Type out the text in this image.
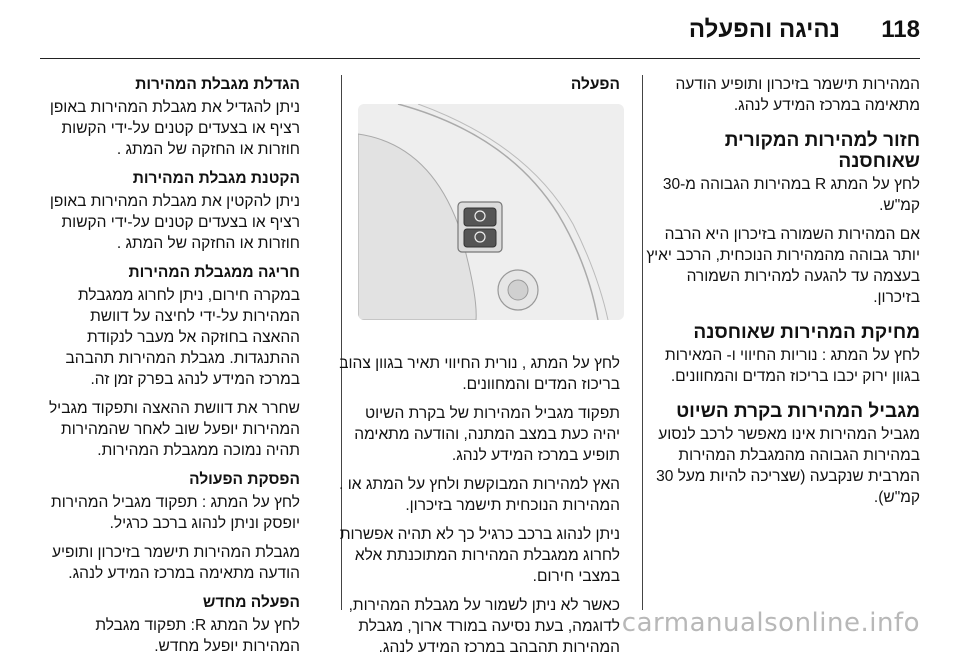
118
נהיגה והפעלה

המהירות תישמר בזיכרון ותופיע הודעה מתאימה במרכז המידע לנהג.

חזור למהירות המקורית שאוחסנה

לחץ על המתג R במהירות הגבוהה מ-30 קמ"ש.

אם המהירות השמורה בזיכרון היא הרבה יותר גבוהה מהמהירות הנוכחית, הרכב יאיץ בעצמה עד להגעה למהירות השמורה בזיכרון.

מחיקת המהירות שאוחסנה

לחץ על המתג : נוריות החיווי ו- המאירות בגוון ירוק יכבו בריכוז המדים והמחוונים.

מגביל המהירות בקרת השיוט

מגביל המהירות אינו מאפשר לרכב לנסוע במהירות הגבוהה מהמגבלת המהירות המרבית שנקבעה (שצריכה להיות מעל 30 קמ"ש).

הפעלה

לחץ על המתג , נורית החיווי תאיר בגוון צהוב בריכוז המדים והמחוונים.

תפקוד מגביל המהירות של בקרת השיוט יהיה כעת במצב המתנה, והודעה מתאימה תופיע במרכז המידע לנהג.

האץ למהירות המבוקשת ולחץ על המתג או . המהירות הנוכחית תישמר בזיכרון.

ניתן לנהוג ברכב כרגיל כך לא תהיה אפשרות לחרוג ממגבלת המהירות המתוכנתת אלא במצבי חירום.

כאשר לא ניתן לשמור על מגבלת המהירות, לדוגמה, בעת נסיעה במורד ארוך, מגבלת המהירות תהבהב במרכז המידע לנהג.

הגדלת מגבלת המהירות

ניתן להגדיל את מגבלת המהירות באופן רציף או בצעדים קטנים על-ידי הקשות חוזרות או החזקה של המתג .

הקטנת מגבלת המהירות

ניתן להקטין את מגבלת המהירות באופן רציף או בצעדים קטנים על-ידי הקשות חוזרות או החזקה של המתג .

חריגה ממגבלת המהירות

במקרה חירום, ניתן לחרוג ממגבלת המהירות על-ידי לחיצה על דוושת ההאצה בחוזקה אל מעבר לנקודת ההתנגדות. מגבלת המהירות תהבהב במרכז המידע לנהג בפרק זמן זה.

שחרר את דוושת ההאצה ותפקוד מגביל המהירות יופעל שוב לאחר שהמהירות תהיה נמוכה ממגבלת המהירות.

הפסקת הפעולה

לחץ על המתג : תפקוד מגביל המהירות יופסק וניתן לנהוג ברכב כרגיל.

מגבלת המהירות תישמר בזיכרון ותופיע הודעה מתאימה במרכז המידע לנהג.

הפעלה מחדש

לחץ על המתג R: תפקוד מגבלת המהירות יופעל מחדש.

carmanualsonline.info
